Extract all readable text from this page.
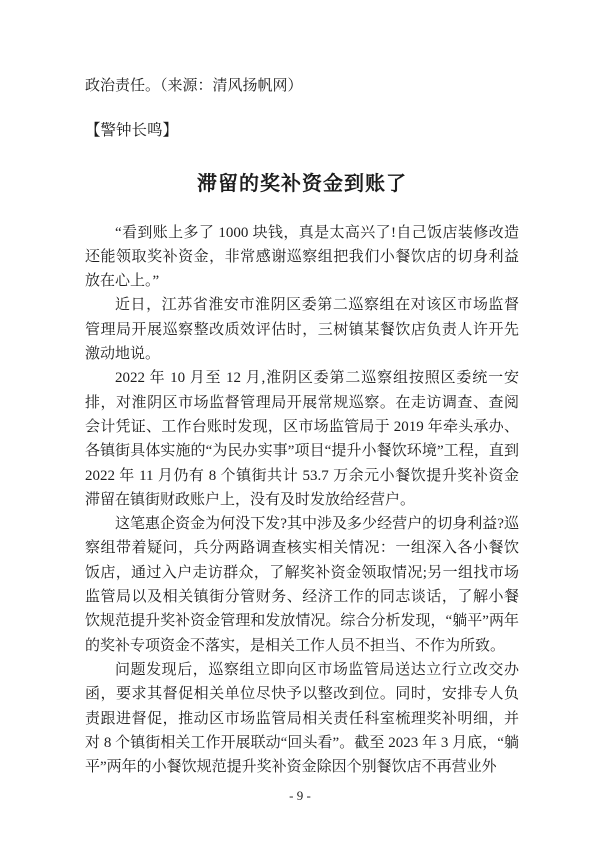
政治责任。（来源：清风扬帆网）

【警钟长鸣】

滞留的奖补资金到账了

“看到账上多了 1000 块钱，真是太高兴了!自己饭店装修改造还能领取奖补资金，非常感谢巡察组把我们小餐饮店的切身利益放在心上。”

近日，江苏省淮安市淮阴区委第二巡察组在对该区市场监督管理局开展巡察整改质效评估时，三树镇某餐饮店负责人许开先激动地说。

2022 年 10 月至 12 月,淮阴区委第二巡察组按照区委统一安排，对淮阴区市场监督管理局开展常规巡察。在走访调查、查阅会计凭证、工作台账时发现，区市场监管局于 2019 年牵头承办、各镇街具体实施的“为民办实事”项目“提升小餐饮环境”工程，直到 2022 年 11 月仍有 8 个镇街共计 53.7 万余元小餐饮提升奖补资金滞留在镇街财政账户上，没有及时发放给经营户。

这笔惠企资金为何没下发?其中涉及多少经营户的切身利益?巡察组带着疑问，兵分两路调查核实相关情况：一组深入各小餐饮饭店，通过入户走访群众，了解奖补资金领取情况;另一组找市场监管局以及相关镇街分管财务、经济工作的同志谈话，了解小餐饮规范提升奖补资金管理和发放情况。综合分析发现，“躺平”两年的奖补专项资金不落实，是相关工作人员不担当、不作为所致。

问题发现后，巡察组立即向区市场监管局送达立行立改交办函，要求其督促相关单位尽快予以整改到位。同时，安排专人负责跟进督促，推动区市场监管局相关责任科室梳理奖补明细，并对 8 个镇街相关工作开展联动“回头看”。截至 2023 年 3 月底，“躺平”两年的小餐饮规范提升奖补资金除因个别餐饮店不再营业外

- 9 -
